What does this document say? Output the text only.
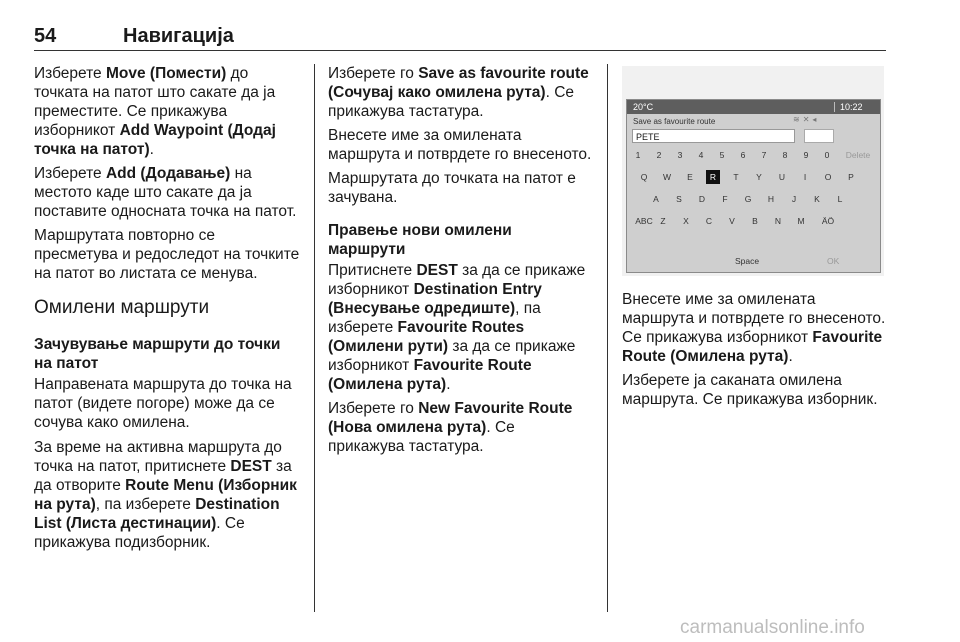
54	Навигација

Изберете Move (Помести) до точката на патот што сакате да ја преместите. Се прикажува изборникот Add Waypoint (Додај точка на патот).

Изберете Add (Додавање) на местото каде што сакате да ја поставите односната точка на патот.

Маршрутата повторно се пресметува и редоследот на точките на патот во листата се менува.

Омилени маршрути
Зачувување маршрути до точки на патот

Направената маршрута до точка на патот (видете погоре) може да се сочува како омилена.

За време на активна маршрута до точка на патот, притиснете DEST за да отворите Route Menu (Изборник на рута), па изберете Destination List (Листа дестинации). Се прикажува подизборник.

Изберете го Save as favourite route (Сочувај како омилена рута). Се прикажува тастатура.

Внесете име за омилената маршрута и потврдете го внесеното.

Маршрутата до точката на патот е зачувана.

Правење нови омилени маршрути

Притиснете DEST за да се прикаже изборникот Destination Entry (Внесување одредиште), па изберете Favourite Routes (Омилени рути) за да се прикаже изборникот Favourite Route (Омилена рута).

Изберете го New Favourite Route (Нова омилена рута). Се прикажува тастатура.

20°C	10:22
Save as favourite route	≋✕◂
PETE
1	2	3	4	5	6	7	8	9	0	Delete
Q	W	E	R	T	Y	U	I	O	P
A	S	D	F	G	H	J	K	L
ABC Z	X	C	V	B	N	M	ÄÖ
Space	OK

Внесете име за омилената маршрута и потврдете го внесеното. Се прикажува изборникот Favourite Route (Омилена рута).

Изберете ја саканата омилена маршрута. Се прикажува изборник.

carmanualsonline.info
